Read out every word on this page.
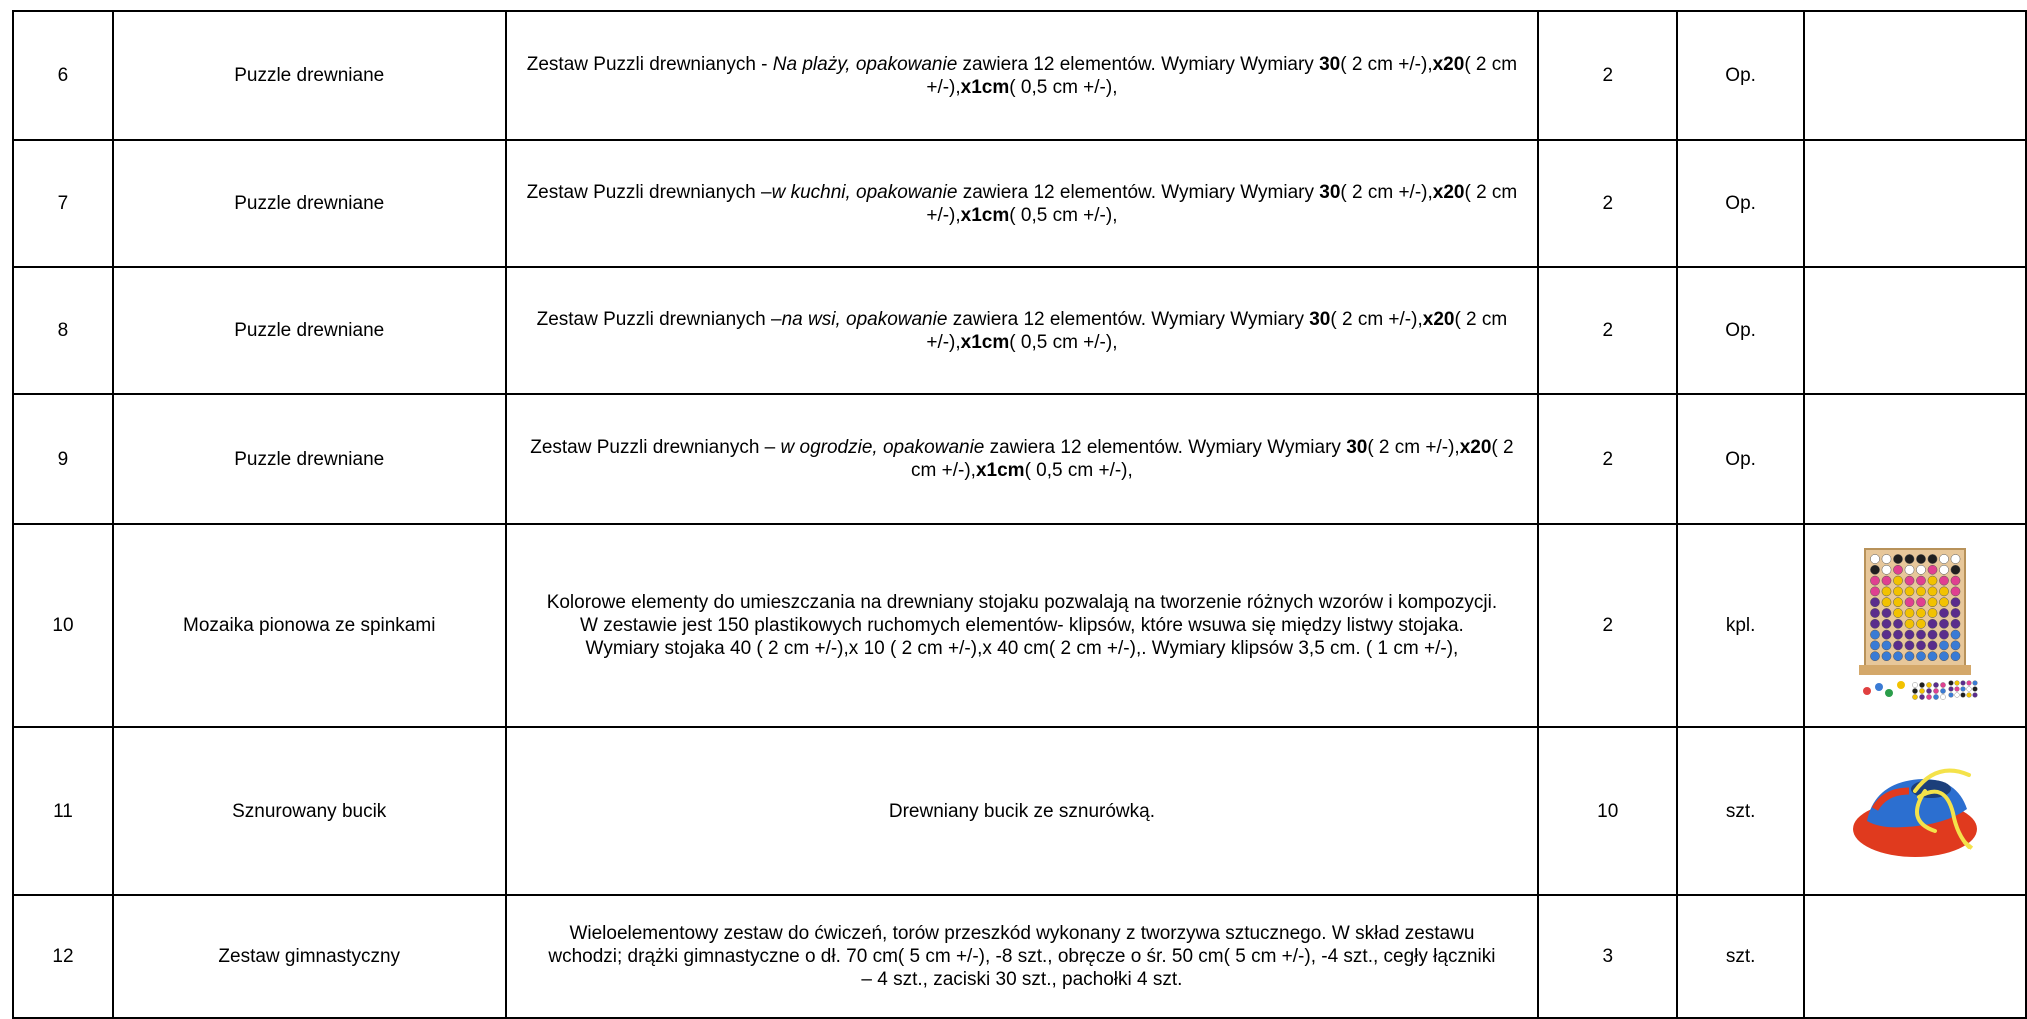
6	Puzzle drewniane	Zestaw Puzzli drewnianych - Na plaży, opakowanie zawiera 12 elementów. Wymiary Wymiary 30( 2 cm +/-),x20( 2 cm +/-),x1cm( 0,5 cm +/-),	2	Op.	
7	Puzzle drewniane	Zestaw Puzzli drewnianych –w kuchni, opakowanie zawiera 12 elementów. Wymiary Wymiary 30( 2 cm +/-),x20( 2 cm +/-),x1cm( 0,5 cm +/-),	2	Op.	
8	Puzzle drewniane	Zestaw Puzzli drewnianych –na wsi, opakowanie zawiera 12 elementów. Wymiary Wymiary 30( 2 cm +/-),x20( 2 cm +/-),x1cm( 0,5 cm +/-),	2	Op.	
9	Puzzle drewniane	Zestaw Puzzli drewnianych – w ogrodzie, opakowanie zawiera 12 elementów. Wymiary Wymiary 30( 2 cm +/-),x20( 2 cm +/-),x1cm( 0,5 cm +/-),	2	Op.	
10	Mozaika pionowa ze spinkami	Kolorowe elementy do umieszczania na drewniany stojaku pozwalają na tworzenie różnych wzorów i kompozycji. W zestawie jest 150 plastikowych ruchomych elementów- klipsów, które wsuwa się między listwy stojaka. Wymiary stojaka 40 ( 2 cm +/-),x 10 ( 2 cm +/-),x 40 cm( 2 cm +/-),. Wymiary klipsów 3,5 cm. ( 1 cm +/-),	2	kpl.	
11	Sznurowany bucik	Drewniany bucik ze sznurówką.	10	szt.	
12	Zestaw gimnastyczny	Wieloelementowy zestaw do ćwiczeń, torów przeszkód wykonany z tworzywa sztucznego. W skład zestawu wchodzi; drążki gimnastyczne o dł. 70 cm( 5 cm +/-), -8 szt., obręcze o śr. 50 cm( 5 cm +/-), -4 szt., cegły łączniki – 4 szt., zaciski 30 szt., pachołki 4 szt.	3	szt.	
